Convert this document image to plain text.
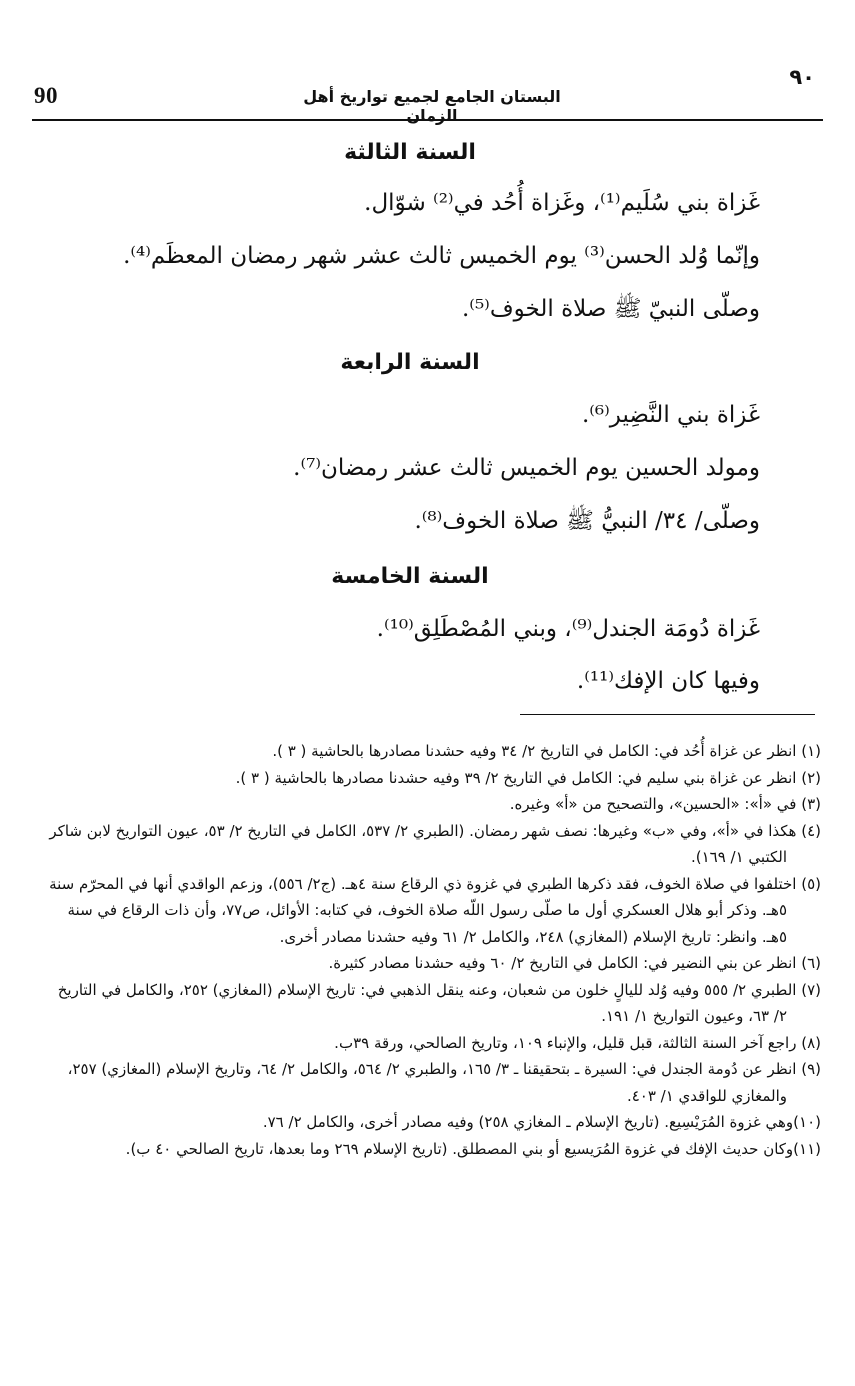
90	البستان الجامع لجميع تواريخ أهل الزمان
٩٠
السنة الثالثة
غَزاة بني سُلَيم⁽¹⁾، وغَزاة أُحُد في⁽²⁾ شوّال.
وإنّما وُلد الحسن⁽³⁾ يوم الخميس ثالث عشر شهر رمضان المعظَم⁽⁴⁾.
وصلّى النبيّ ﷺ صلاة الخوف⁽⁵⁾.
السنة الرابعة
غَزاة بني النَّضِير⁽⁶⁾.
ومولد الحسين يوم الخميس ثالث عشر رمضان⁽⁷⁾.
وصلّى/ ٣٤/ النبيُّ ﷺ صلاة الخوف⁽⁸⁾.
السنة الخامسة
غَزاة دُومَة الجندل⁽⁹⁾، وبني المُصْطَلِق⁽¹⁰⁾.
وفيها كان الإفك⁽¹¹⁾.

(١) انظر عن غزاة أُحُد في: الكامل في التاريخ ٢/ ٣٤ وفيه حشدنا مصادرها بالحاشية ( ٣ ).

(٢) انظر عن غزاة بني سليم في: الكامل في التاريخ ٢/ ٣٩ وفيه حشدنا مصادرها بالحاشية ( ٣ ).

(٣) في «أ»: «الحسين»، والتصحيح من «أ» وغيره.

(٤) هكذا في «أ»، وفي «ب» وغيرها: نصف شهر رمضان. (الطبري ٢/ ٥٣٧، الكامل في التاريخ ٢/ ٥٣، عيون التواريخ لابن شاكر الكتبي ١/ ١٦٩).

(٥) اختلفوا في صلاة الخوف، فقد ذكرها الطبري في غزوة ذي الرقاع سنة ٤هـ. (ج٢/ ٥٥٦)، وزعم الواقدي أنها في المحرّم سنة ٥هـ. وذكر أبو هلال العسكري أول ما صلّى رسول اللّه صلاة الخوف، في كتابه: الأوائل، ص٧٧، وأن ذات الرقاع في سنة ٥هـ. وانظر: تاريخ الإسلام (المغازي) ٢٤٨، والكامل ٢/ ٦١ وفيه حشدنا مصادر أخرى.

(٦) انظر عن بني النضير في: الكامل في التاريخ ٢/ ٦٠ وفيه حشدنا مصادر كثيرة.

(٧) الطبري ٢/ ٥٥٥ وفيه وُلد لليالٍ خلون من شعبان، وعنه ينقل الذهبي في: تاريخ الإسلام (المغازي) ٢٥٢، والكامل في التاريخ ٢/ ٦٣، وعيون التواريخ ١/ ١٩١.

(٨) راجع آخر السنة الثالثة، قبل قليل، والإنباء ١٠٩، وتاريخ الصالحي، ورقة ٣٩ب.

(٩) انظر عن دُومة الجندل في: السيرة ـ بتحقيقنا ـ ٣/ ١٦٥، والطبري ٢/ ٥٦٤، والكامل ٢/ ٦٤، وتاريخ الإسلام (المغازي) ٢٥٧، والمغازي للواقدي ١/ ٤٠٣.

(١٠)وهي غزوة المُرَيْسِيع. (تاريخ الإسلام ـ المغازي ٢٥٨) وفيه مصادر أخرى، والكامل ٢/ ٧٦.

(١١)وكان حديث الإفك في غزوة المُرَيسيع أو بني المصطلق. (تاريخ الإسلام ٢٦٩ وما بعدها، تاريخ الصالحي ٤٠ ب).
